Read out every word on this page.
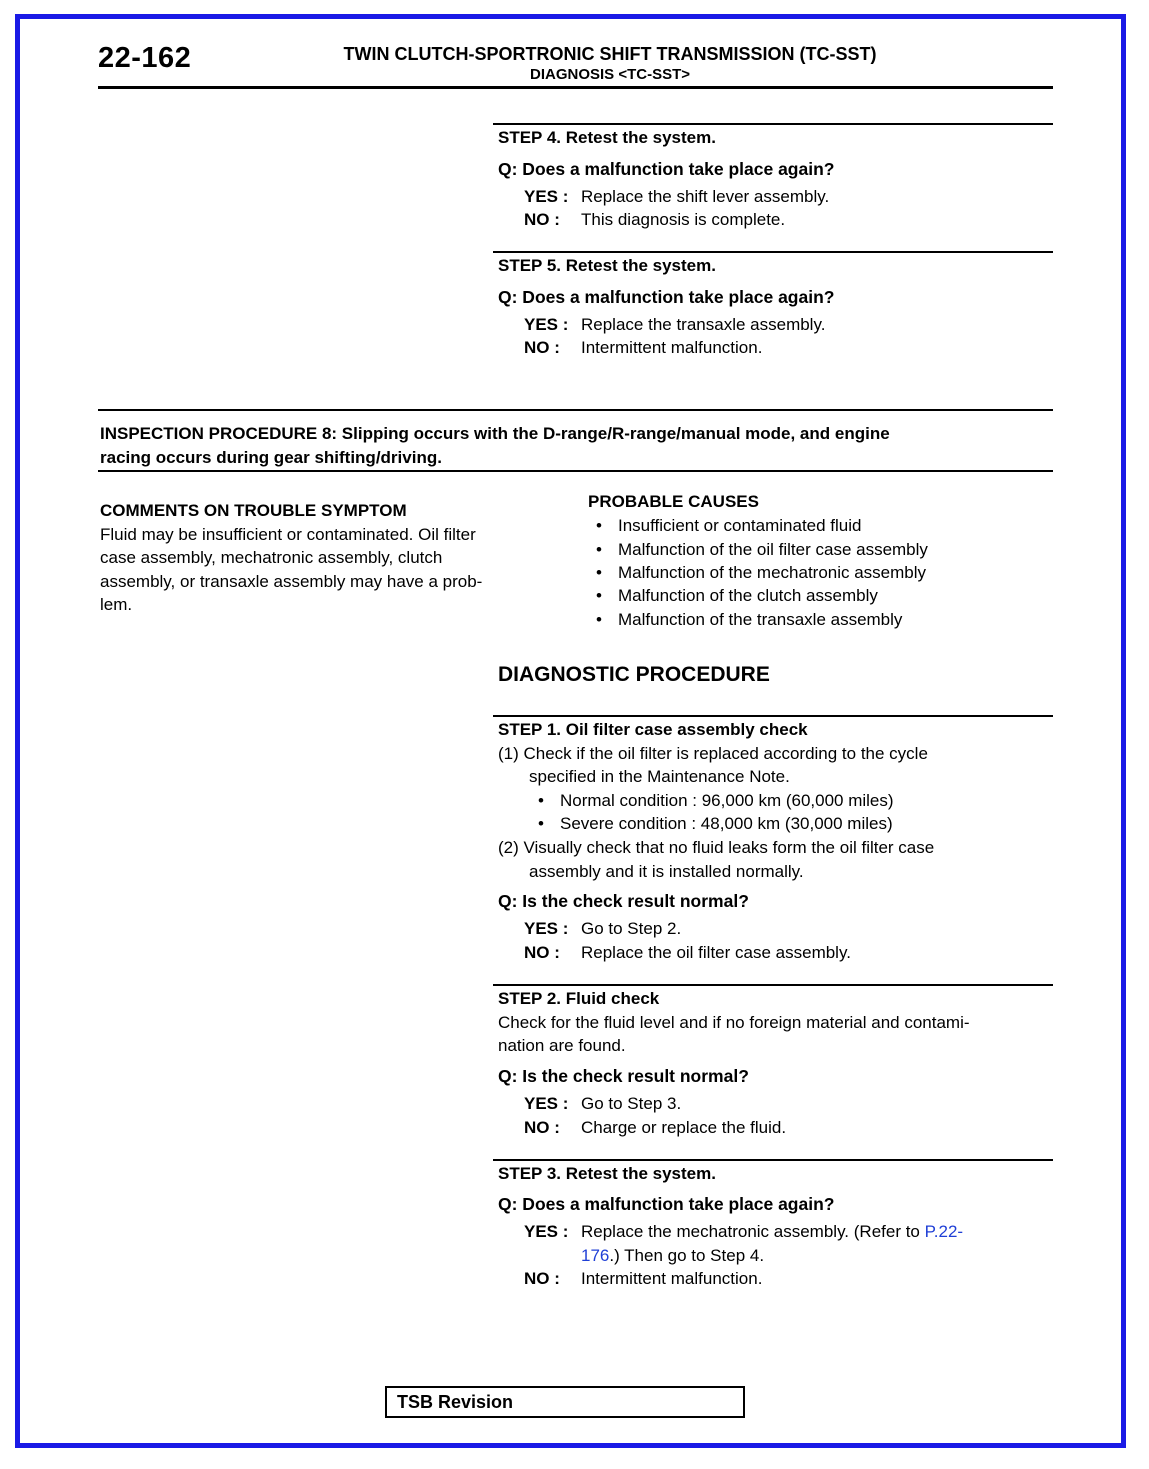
22-162	TWIN CLUTCH-SPORTRONIC SHIFT TRANSMISSION (TC-SST)
DIAGNOSIS <TC-SST>
STEP 4. Retest the system.
Q: Does a malfunction take place again?
YES : Replace the shift lever assembly.
NO : This diagnosis is complete.
STEP 5. Retest the system.
Q: Does a malfunction take place again?
YES : Replace the transaxle assembly.
NO : Intermittent malfunction.
INSPECTION PROCEDURE 8: Slipping occurs with the D-range/R-range/manual mode, and engine
racing occurs during gear shifting/driving.
COMMENTS ON TROUBLE SYMPTOM
Fluid may be insufficient or contaminated. Oil filter
case assembly, mechatronic assembly, clutch
assembly, or transaxle assembly may have a prob-
lem.
PROBABLE CAUSES
• Insufficient or contaminated fluid
• Malfunction of the oil filter case assembly
• Malfunction of the mechatronic assembly
• Malfunction of the clutch assembly
• Malfunction of the transaxle assembly
DIAGNOSTIC PROCEDURE
STEP 1. Oil filter case assembly check
(1) Check if the oil filter is replaced according to the cycle
specified in the Maintenance Note.
• Normal condition : 96,000 km (60,000 miles)
• Severe condition : 48,000 km (30,000 miles)
(2) Visually check that no fluid leaks form the oil filter case
assembly and it is installed normally.
Q: Is the check result normal?
YES : Go to Step 2.
NO : Replace the oil filter case assembly.
STEP 2. Fluid check
Check for the fluid level and if no foreign material and contami-
nation are found.
Q: Is the check result normal?
YES : Go to Step 3.
NO : Charge or replace the fluid.
STEP 3. Retest the system.
Q: Does a malfunction take place again?
YES : Replace the mechatronic assembly. (Refer to P.22-
176.) Then go to Step 4.
NO : Intermittent malfunction.
TSB Revision
